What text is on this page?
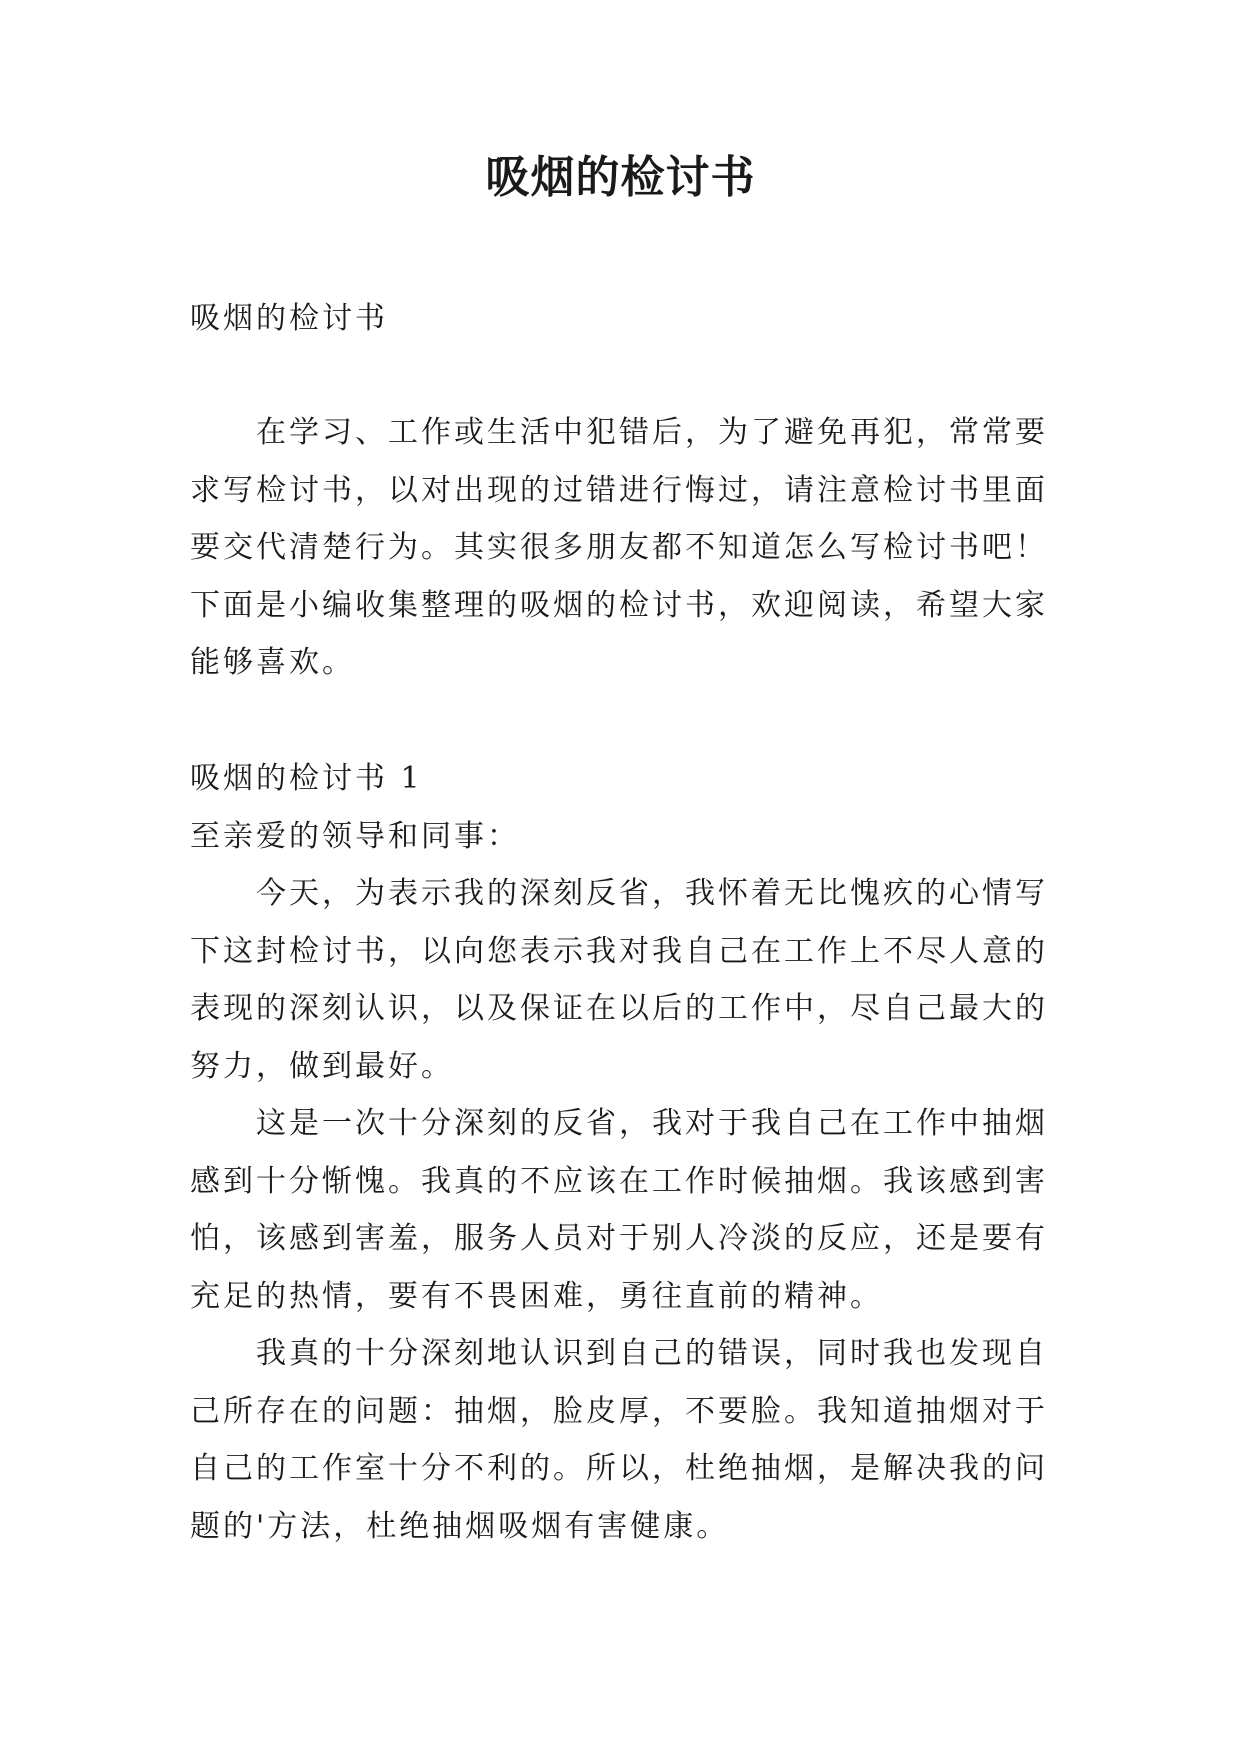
吸烟的检讨书

吸烟的检讨书

在学习、工作或生活中犯错后，为了避免再犯，常常要求写检讨书，以对出现的过错进行悔过，请注意检讨书里面要交代清楚行为。其实很多朋友都不知道怎么写检讨书吧！下面是小编收集整理的吸烟的检讨书，欢迎阅读，希望大家能够喜欢。

吸烟的检讨书 1

至亲爱的领导和同事：

今天，为表示我的深刻反省，我怀着无比愧疚的心情写下这封检讨书，以向您表示我对我自己在工作上不尽人意的表现的深刻认识，以及保证在以后的工作中，尽自己最大的努力，做到最好。

这是一次十分深刻的反省，我对于我自己在工作中抽烟感到十分惭愧。我真的不应该在工作时候抽烟。我该感到害怕，该感到害羞，服务人员对于别人冷淡的反应，还是要有充足的热情，要有不畏困难，勇往直前的精神。

我真的十分深刻地认识到自己的错误，同时我也发现自己所存在的问题：抽烟，脸皮厚，不要脸。我知道抽烟对于自己的工作室十分不利的。所以，杜绝抽烟，是解决我的问题的'方法，杜绝抽烟吸烟有害健康。
